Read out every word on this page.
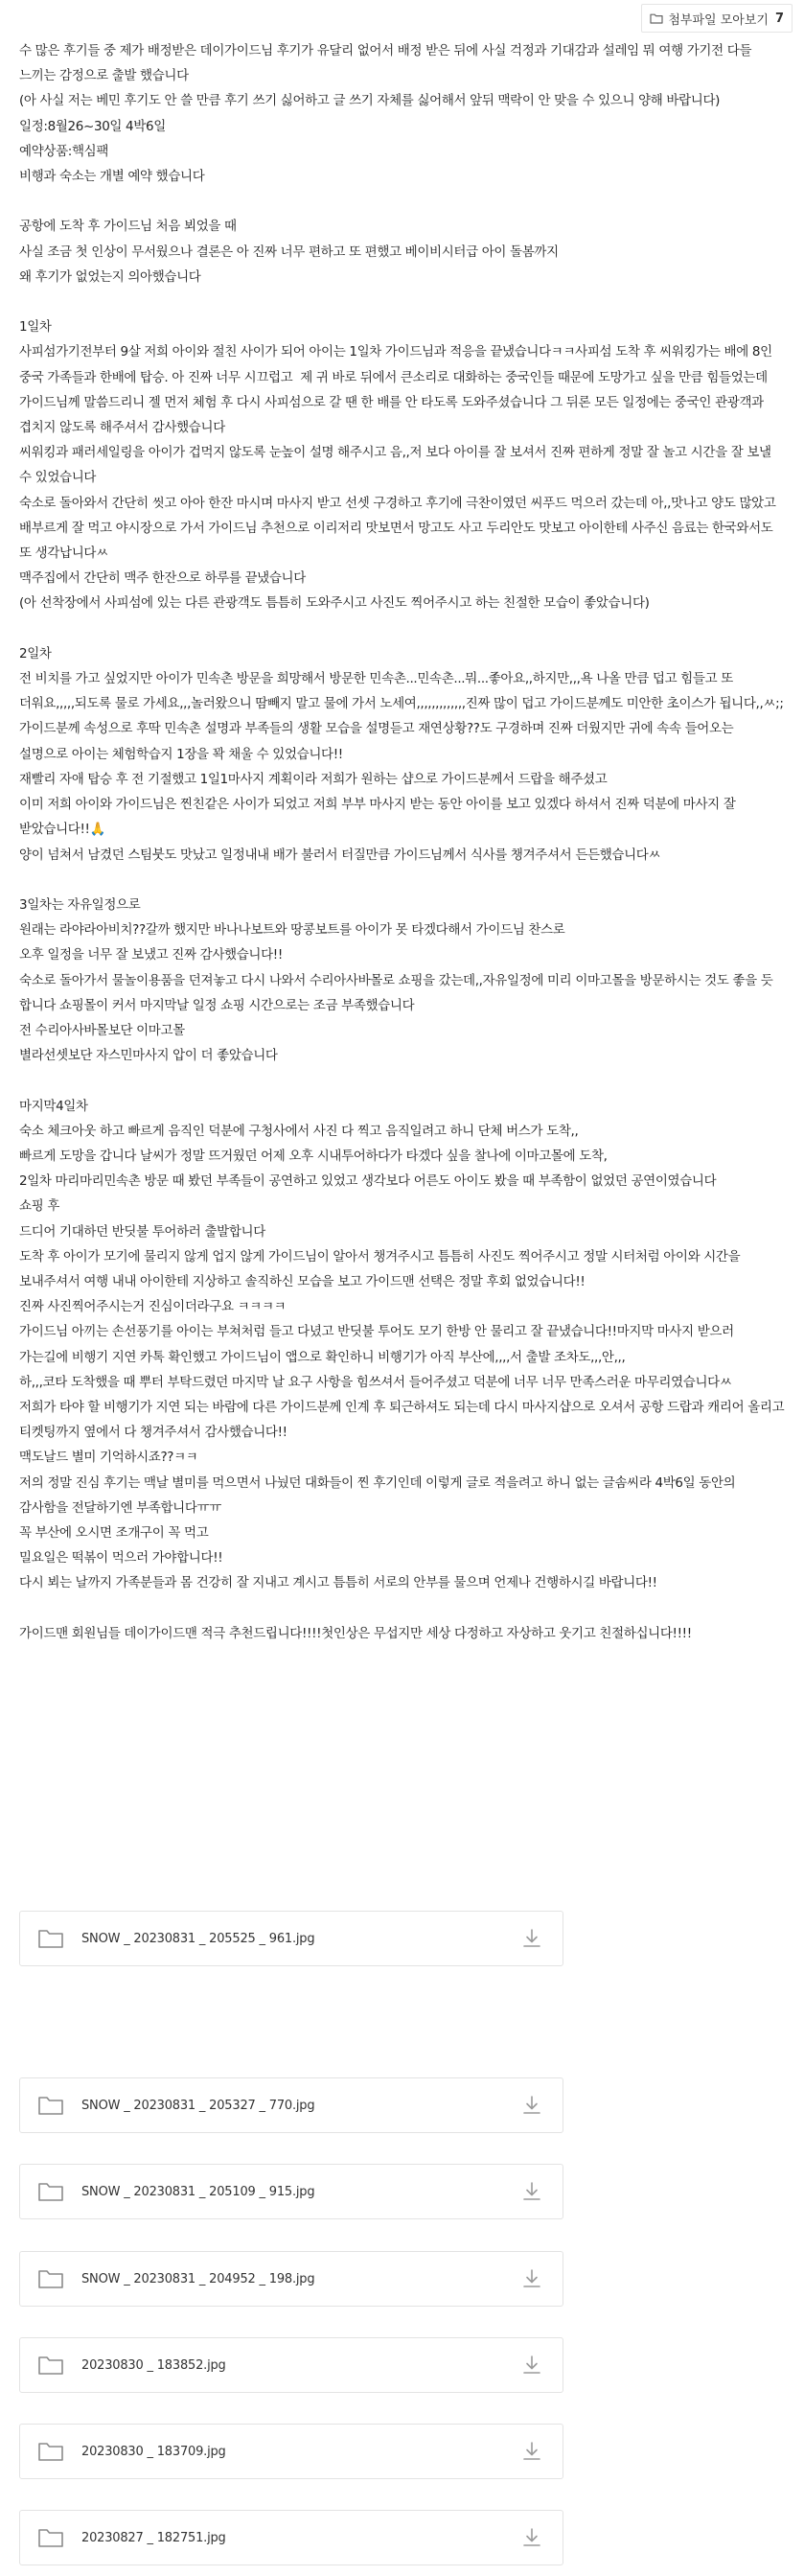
첨부파일 모아보기 7
수 많은 후기들 중 제가 배정받은 데이가이드님 후기가 유달리 없어서 배정 받은 뒤에 사실 걱정과 기대감과 설레임 뭐 여행 가기전 다들 느끼는 감정으로 출발 했습니다
(아 사실 저는 베민 후기도 안 쓸 만큼 후기 쓰기 싫어하고 글 쓰기 자체를 싫어해서 앞뒤 맥락이 안 맞을 수 있으니 양해 바랍니다)
일정:8월26~30일 4박6일
예약상품:핵심팩
비행과 숙소는 개별 예약 했습니다

공항에 도착 후 가이드님 처음 뵈었을 때
사실 조금 첫 인상이 무서웠으나 결론은 아 진짜 너무 편하고 또 편했고 베이비시터급 아이 돌봄까지
왜 후기가 없었는지 의아했습니다

1일차
사피섬가기전부터 9살 저희 아이와 절친 사이가 되어 아이는 1일차 가이드님과 적응을 끝냈습니다ㅋㅋ사피섬 도착 후 씨워킹가는 배에 8인 중국 가족들과 한배에 탑승. 아 진짜 너무 시끄럽고  제 귀 바로 뒤에서 큰소리로 대화하는 중국인들 때문에 도망가고 싶을 만큼 힘들었는데 가이드님께 말씀드리니 젤 먼저 체험 후 다시 사피섬으로 갈 땐 한 배를 안 타도록 도와주셨습니다 그 뒤론 모든 일정에는 중국인 관광객과 겹치지 않도록 해주셔서 감사했습니다
씨워킹과 패러세일링을 아이가 겁먹지 않도록 눈높이 설명 해주시고 음,,저 보다 아이를 잘 보셔서 진짜 편하게 정말 잘 놀고 시간을 잘 보낼 수 있었습니다
숙소로 돌아와서 간단히 씻고 아아 한잔 마시며 마사지 받고 선셋 구경하고 후기에 극찬이였던 씨푸드 먹으러 갔는데 아,,맛나고 양도 많았고 배부르게 잘 먹고 야시장으로 가서 가이드님 추천으로 이리저리 맛보면서 망고도 사고 두리안도 맛보고 아이한테 사주신 음료는 한국와서도 또 생각납니다ㅆ
맥주집에서 간단히 맥주 한잔으로 하루를 끝냈습니다
(아 선착장에서 사피섬에 있는 다른 관광객도 틈틈히 도와주시고 사진도 찍어주시고 하는 친절한 모습이 좋았습니다)

2일차
전 비치를 가고 싶었지만 아이가 민속촌 방문을 희망해서 방문한 민속촌...민속촌...뭐...좋아요,,하지만,,,욕 나올 만큼 덥고 힘들고 또 더워요,,,,,되도록 물로 가세요,,,놀러왔으니 땀빼지 말고 물에 가서 노세여,,,,,,,,,,,,,진짜 많이 덥고 가이드분께도 미안한 초이스가 됩니다,,ㅆ;;
가이드분께 속성으로 후딱 민속촌 설명과 부족들의 생활 모습을 설명듣고 재연상황??도 구경하며 진짜 더웠지만 귀에 속속 들어오는 설명으로 아이는 체험학습지 1장을 꽉 채울 수 있었습니다!!
재빨리 자애 탑승 후 전 기절했고 1일1마사지 계획이라 저희가 원하는 샵으로 가이드분께서 드랍을 해주셨고
이미 저희 아이와 가이드님은 찐친같은 사이가 되었고 저희 부부 마사지 받는 동안 아이를 보고 있겠다 하셔서 진짜 덕분에 마사지 잘 받았습니다!!🙏
양이 넘쳐서 남겼던 스팀붓도 맛났고 일정내내 배가 불러서 터질만큼 가이드님께서 식사를 챙겨주셔서 든든했습니다ㅆ

3일차는 자유일정으로
원래는 라야라아비치??갈까 했지만 바나나보트와 땅콩보트를 아이가 못 타겠다해서 가이드님 찬스로
오후 일정을 너무 잘 보냈고 진짜 감사했습니다!!
숙소로 돌아가서 물놀이용품을 던져놓고 다시 나와서 수리아사바몰로 쇼핑을 갔는데,,자유일정에 미리 이마고몰을 방문하시는 것도 좋을 듯 합니다 쇼핑몰이 커서 마지막날 일정 쇼핑 시간으로는 조금 부족했습니다
전 수리아사바몰보단 이마고몰
별라선셋보단 자스민마사지 압이 더 좋았습니다

마지막4일차
숙소 체크아웃 하고 빠르게 음직인 덕분에 구청사에서 사진 다 찍고 음직일려고 하니 단체 버스가 도착,,
빠르게 도망을 갑니다 날씨가 정말 뜨거웠던 어제 오후 시내투어하다가 타겠다 싶을 찰나에 이마고몰에 도착,
2일차 마리마리민속촌 방문 때 봤던 부족들이 공연하고 있었고 생각보다 어른도 아이도 봤을 때 부족함이 없었던 공연이였습니다
쇼핑 후
드디어 기대하던 반딧불 투어하러 출발합니다
도착 후 아이가 모기에 물리지 않게 업지 않게 가이드님이 알아서 챙겨주시고 틈틈히 사진도 찍어주시고 정말 시터처럼 아이와 시간을 보내주셔서 여행 내내 아이한테 지상하고 솔직하신 모습을 보고 가이드맨 선택은 정말 후회 없었습니다!!
진짜 사진찍어주시는거 진심이더라구요 ㅋㅋㅋㅋ
가이드님 아끼는 손선풍기를 아이는 부쳐처럼 들고 다녔고 반딧불 투어도 모기 한방 안 물리고 잘 끝냈습니다!!마지막 마사지 받으러 가는길에 비행기 지연 카톡 확인했고 가이드님이 앱으로 확인하니 비행기가 아직 부산에,,,,서 출발 조차도,,,안,,,
하,,,코타 도착했을 때 뿌터 부탁드렸던 마지막 날 요구 사항을 힘쓰셔서 들어주셨고 덕분에 너무 너무 만족스러운 마무리였습니다ㅆ
저희가 타야 할 비행기가 지연 되는 바람에 다른 가이드분께 인계 후 퇴근하셔도 되는데 다시 마사지샵으로 오셔서 공항 드랍과 캐리어 올리고 티켓팅까지 옆에서 다 챙겨주셔서 감사했습니다!!
맥도날드 별미 기억하시죠??ㅋㅋ
저의 정말 진심 후기는 맥날 별미를 먹으면서 나눴던 대화들이 찐 후기인데 이렇게 글로 적을려고 하니 없는 글솜씨라 4박6일 동안의 감사함을 전달하기엔 부족합니다ㅠㅠ
꼭 부산에 오시면 조개구이 꼭 먹고
밀요일은 떡볶이 먹으러 가야합니다!!
다시 뵈는 날까지 가족분들과 몸 건강히 잘 지내고 계시고 틈틈히 서로의 안부를 물으며 언제나 건행하시길 바랍니다!!

가이드맨 회원님들 데이가이드맨 적극 추천드립니다!!!!첫인상은 무섭지만 세상 다정하고 자상하고 웃기고 친절하십니다!!!!
SNOW _ 20230831 _ 205525 _ 961.jpg
SNOW _ 20230831 _ 205327 _ 770.jpg
SNOW _ 20230831 _ 205109 _ 915.jpg
SNOW _ 20230831 _ 204952 _ 198.jpg
20230830 _ 183852.jpg
20230830 _ 183709.jpg
20230827 _ 182751.jpg
